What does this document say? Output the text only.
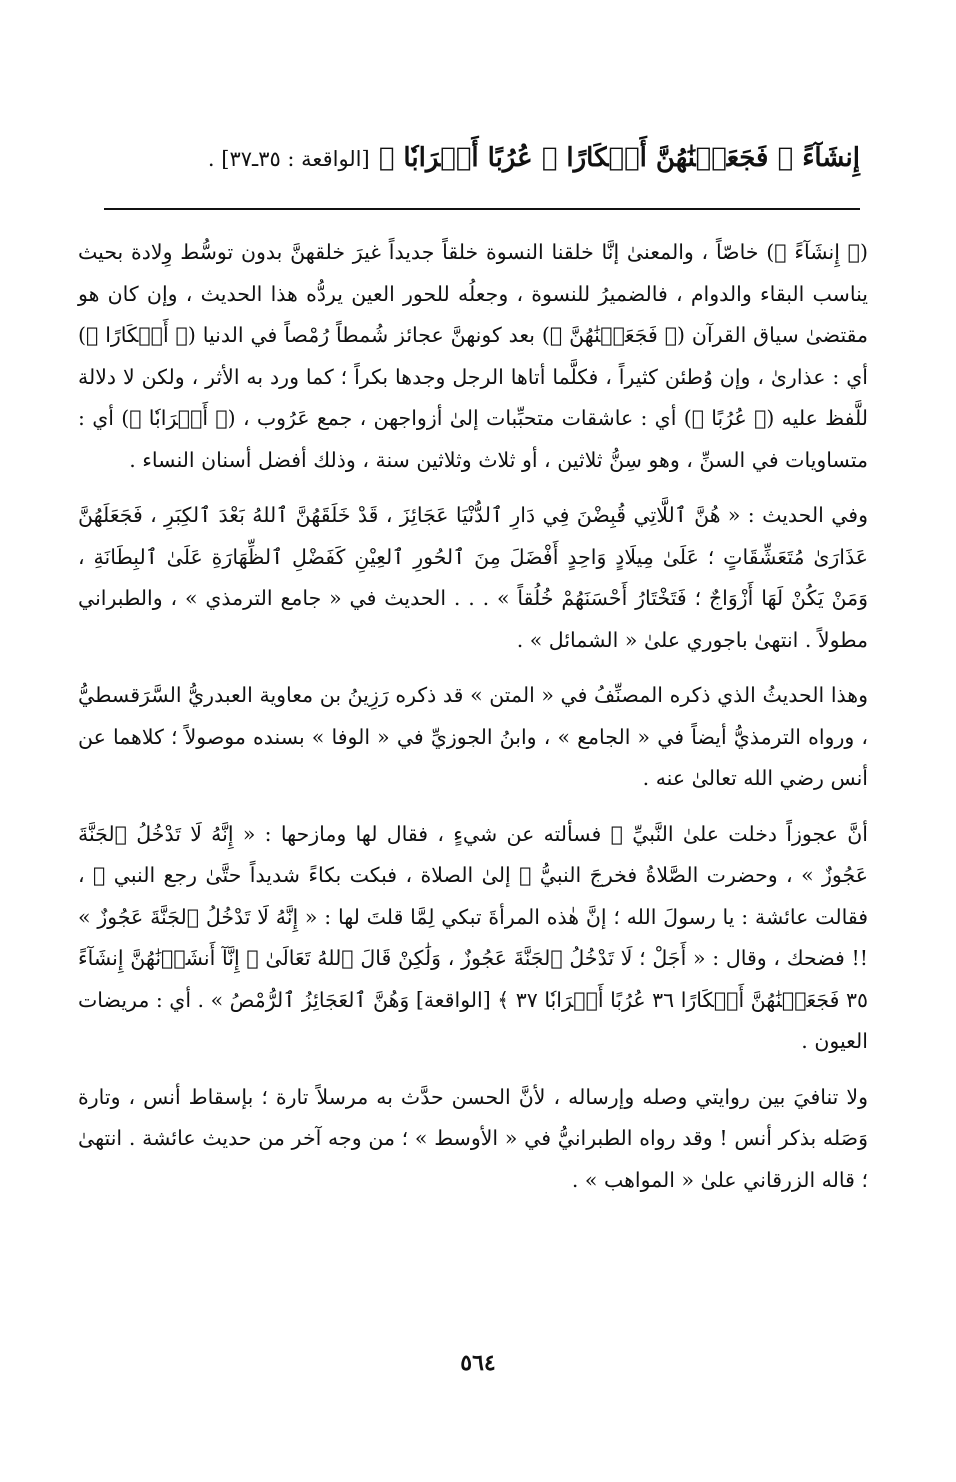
إِنشَآءً ۞ فَجَعَلۡنَٰهُنَّ أَبۡكَارًا ۞ عُرُبًا أَتۡرَابٗا ﴾ [الواقعة : ٣٥ـ٣٧] .

(﴿ إِنشَآءً ﴾) خاصّاً ، والمعنىٰ إنَّا خلقنا النسوة خلقاً جديداً غيرَ خلقهنَّ بدون توسُّط وِلادة بحيث يناسب البقاء والدوام ، فالضميرُ للنسوة ، وجعلُه للحور العين يردُّه هذا الحديث ، وإن كان هو مقتضىٰ سياق القرآن (﴿ فَجَعَلۡنَٰهُنَّ ﴾) بعد كونهنَّ عجائز شُمطاً رُمْصاً في الدنيا (﴿ أَبۡكَارًا ﴾) أي : عذارىٰ ، وإن وُطئن كثيراً ، فكلَّما أتاها الرجل وجدها بكراً ؛ كما ورد به الأثر ، ولكن لا دلالة للَّفظ عليه (﴿ عُرُبًا ﴾) أي : عاشقات متحبِّبات إلىٰ أزواجهن ، جمع عَرُوب ، (﴿ أَتۡرَابٗا ﴾) أي : متساويات في السنِّ ، وهو سِنُّ ثلاثين ، أو ثلاث وثلاثين سنة ، وذلك أفضل أسنان النساء .

وفي الحديث : « هُنَّ ٱللَّاتِي قُبِضْنَ فِي دَارِ ٱلدُّنْيَا عَجَائِزَ ، قَدْ خَلَقَهُنَّ ٱللهُ بَعْدَ ٱلكِبَرِ ، فَجَعَلَهُنَّ عَذَارَىٰ مُتَعَشِّقَاتٍ ؛ عَلَىٰ مِيلَادٍ وَاحِدٍ أَفْضَلَ مِنَ ٱلحُورِ ٱلعِيْنِ كَفَضْلِ ٱلظِّهَارَةِ عَلَىٰ ٱلبِطَانَةِ ، وَمَنْ يَكُنْ لَهَا أَزْوَاجٌ ؛ فَتَخْتَارُ أَحْسَنَهُمْ خُلُقاً » . . . الحديث في « جامع الترمذي » ، والطبراني مطولاً . انتهىٰ باجوري علىٰ « الشمائل » .

وهذا الحديثُ الذي ذكره المصنِّفُ في « المتن » قد ذكره رَزِينُ بن معاوية العبدريُّ السَّرَقسطيُّ ، ورواه الترمذيُّ أيضاً في « الجامع » ، وابنُ الجوزيِّ في « الوفا » بسنده موصولاً ؛ كلاهما عن أنس رضي الله تعالىٰ عنه .

أنَّ عجوزاً دخلت علىٰ النَّبيِّ ﷺ فسألته عن شيءٍ ، فقال لها ومازحها : « إِنَّهُ لَا تَدْخُلُ ٱلجَنَّةَ عَجُوزٌ » ، وحضرت الصَّلاةُ فخرجَ النبيُّ ﷺ إلىٰ الصلاة ، فبكت بكاءً شديداً حتَّىٰ رجع النبي ﷺ ، فقالت عائشة : يا رسولَ الله ؛ إنَّ هٰذه المرأةَ تبكي لِمَّا قلتَ لها : « إِنَّهُ لَا تَدْخُلُ ٱلجَنَّةَ عَجُوزٌ » !! فضحك ، وقال : « أَجَلْ ؛ لَا تَدْخُلُ ٱلجَنَّةَ عَجُوزٌ ، وَلَٰكِنْ قَالَ ٱللهُ تَعَالَىٰ ﴿ إِنَّآ أَنشَأۡنَٰهُنَّ إِنشَآءً ٣٥ فَجَعَلۡنَٰهُنَّ أَبۡكَارًا ٣٦ عُرُبًا أَتۡرَابٗا ٣٧ ﴾ [الواقعة] وَهُنَّ ٱلعَجَائِزُ ٱلرُّمْصُ » . أي : مريضات العيون .

ولا تنافيَ بين روايتي وصله وإرساله ، لأنَّ الحسن حدَّث به مرسلاً تارة ؛ بإسقاط أنس ، وتارة وَصَله بذكر أنس ! وقد رواه الطبرانيُّ في « الأوسط » ؛ من وجه آخر من حديث عائشة . انتهىٰ ؛ قاله الزرقاني علىٰ « المواهب » .

٥٦٤
